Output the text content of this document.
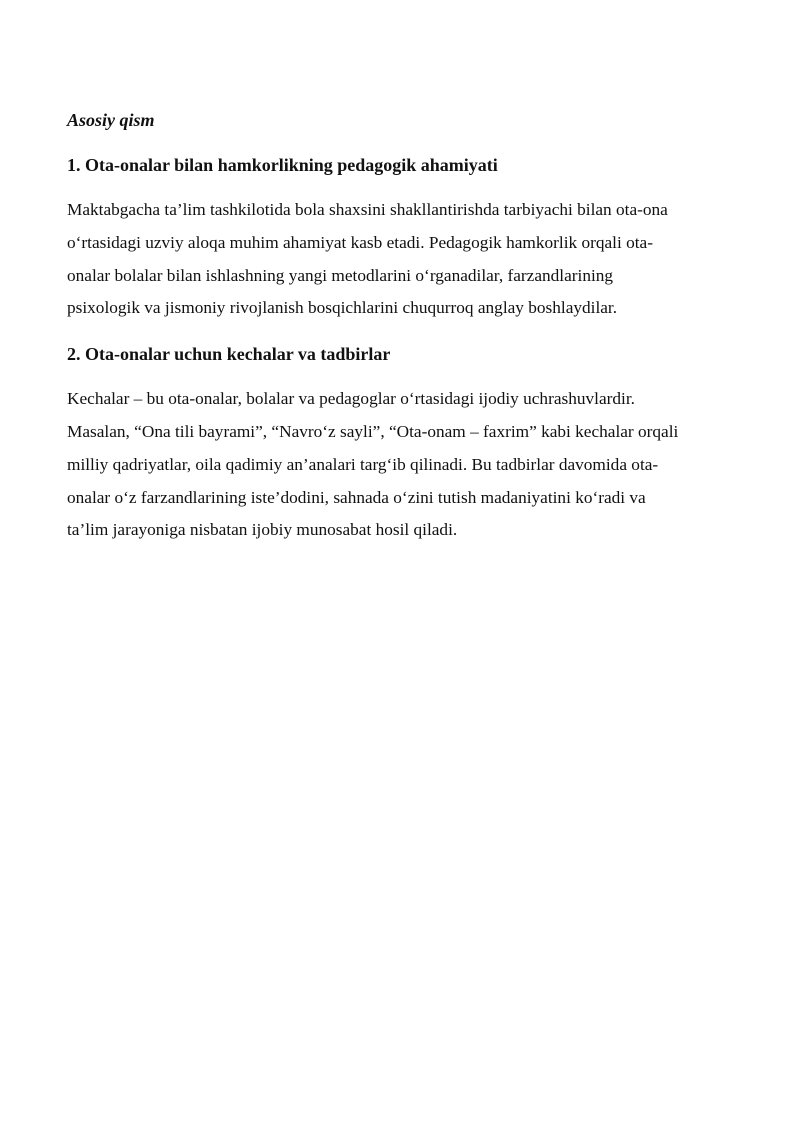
Asosiy qism

1. Ota-onalar bilan hamkorlikning pedagogik ahamiyati

Maktabgacha ta’lim tashkilotida bola shaxsini shakllantirishda tarbiyachi bilan ota-ona
o‘rtasidagi uzviy aloqa muhim ahamiyat kasb etadi. Pedagogik hamkorlik orqali ota-
onalar bolalar bilan ishlashning yangi metodlarini o‘rganadilar, farzandlarining
psixologik va jismoniy rivojlanish bosqichlarini chuqurroq anglay boshlaydilar.

2. Ota-onalar uchun kechalar va tadbirlar

Kechalar – bu ota-onalar, bolalar va pedagoglar o‘rtasidagi ijodiy uchrashuvlardir.
Masalan, “Ona tili bayrami”, “Navro‘z sayli”, “Ota-onam – faxrim” kabi kechalar orqali
milliy qadriyatlar, oila qadimiy an’analari targ‘ib qilinadi. Bu tadbirlar davomida ota-
onalar o‘z farzandlarining iste’dodini, sahnada o‘zini tutish madaniyatini ko‘radi va
ta’lim jarayoniga nisbatan ijobiy munosabat hosil qiladi.
